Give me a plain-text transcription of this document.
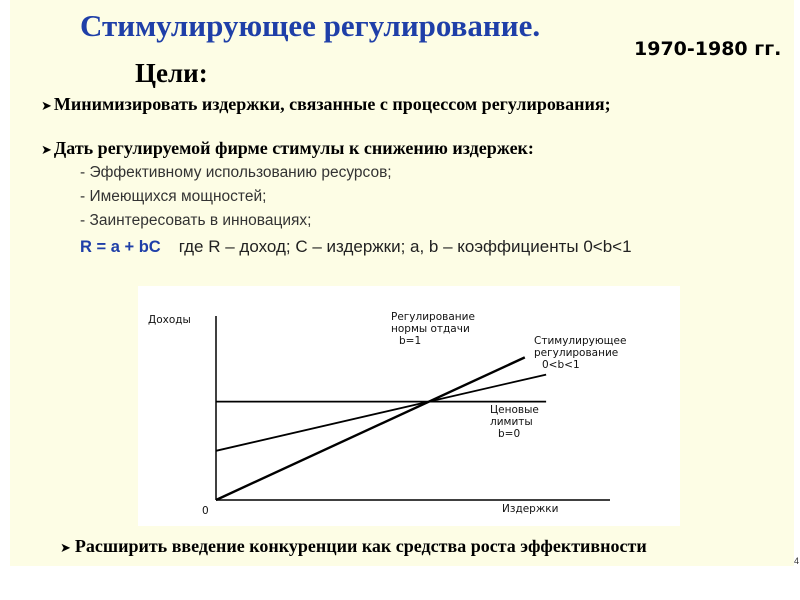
Стимулирующее регулирование.
1970-1980 гг.
Цели:
➤ Минимизировать издержки, связанные с процессом регулирования;
➤ Дать регулируемой фирме стимулы к снижению издержек:
- Эффективному использованию ресурсов;
- Имеющихся мощностей;
- Заинтересовать в инновациях;
R = a + bC где R – доход; C – издержки; a, b – коэффициенты 0<b<1
Доходы
Издержки
0
Регулирование нормы отдачи b=1	Стимулирующее регулирование 0<b<1
Ценовые лимиты b=0
➤ Расширить введение конкуренции как средства роста эффективности
4
